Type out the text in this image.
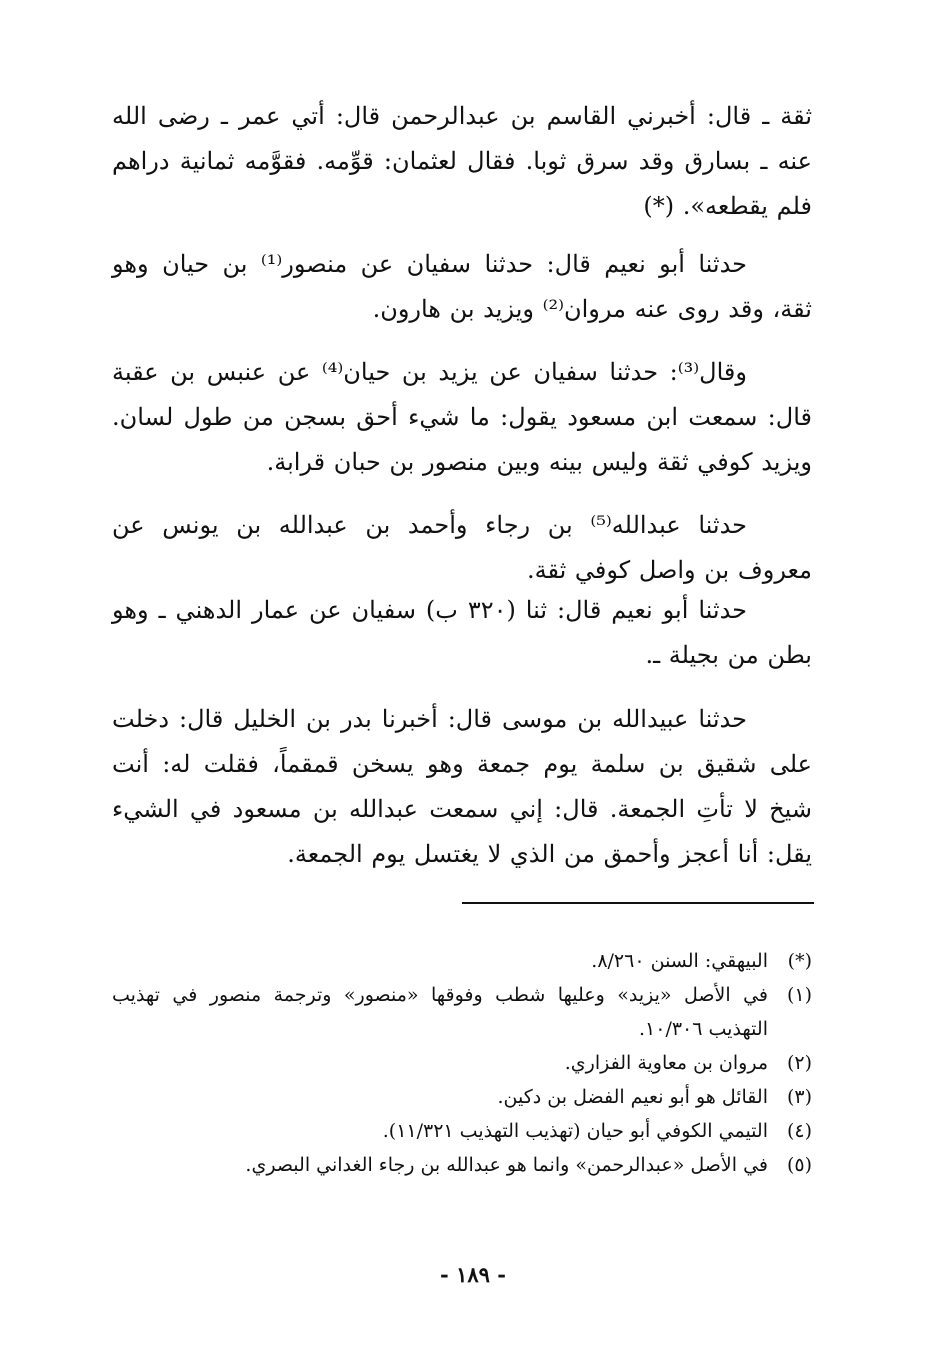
ثقة ـ قال: أخبرني القاسم بن عبدالرحمن قال: أتي عمر ـ رضى الله عنه ـ بسارق وقد سرق ثوبا. فقال لعثمان: قوِّمه. فقوَّمه ثمانية دراهم فلم يقطعه». (*)

حدثنا أبو نعيم قال: حدثنا سفيان عن منصور⁽¹⁾ بن حيان وهو ثقة، وقد روى عنه مروان⁽²⁾ ويزيد بن هارون.

وقال⁽³⁾: حدثنا سفيان عن يزيد بن حيان⁽⁴⁾ عن عنبس بن عقبة قال: سمعت ابن مسعود يقول: ما شيء أحق بسجن من طول لسان. ويزيد كوفي ثقة وليس بينه وبين منصور بن حبان قرابة.

حدثنا عبدالله⁽⁵⁾ بن رجاء وأحمد بن عبدالله بن يونس عن معروف بن واصل كوفي ثقة.

حدثنا أبو نعيم قال: ثنا (٣٢٠ ب) سفيان عن عمار الدهني ـ وهو بطن من بجيلة ـ.

حدثنا عبيدالله بن موسى قال: أخبرنا بدر بن الخليل قال: دخلت على شقيق بن سلمة يوم جمعة وهو يسخن قمقماً، فقلت له: أنت شيخ لا تأتِ الجمعة. قال: إني سمعت عبدالله بن مسعود في الشيء يقل: أنا أعجز وأحمق من الذي لا يغتسل يوم الجمعة.

(*)
البيهقي: السنن ٨/٢٦٠.
(١)
في الأصل «يزيد» وعليها شطب وفوقها «منصور» وترجمة منصور في تهذيب التهذيب ١٠/٣٠٦.
(٢)
مروان بن معاوية الفزاري.
(٣)
القائل هو أبو نعيم الفضل بن دكين.
(٤)
التيمي الكوفي أبو حيان (تهذيب التهذيب ١١/٣٢١).
(٥)
في الأصل «عبدالرحمن» وانما هو عبدالله بن رجاء الغداني البصري.
- ١٨٩ -
